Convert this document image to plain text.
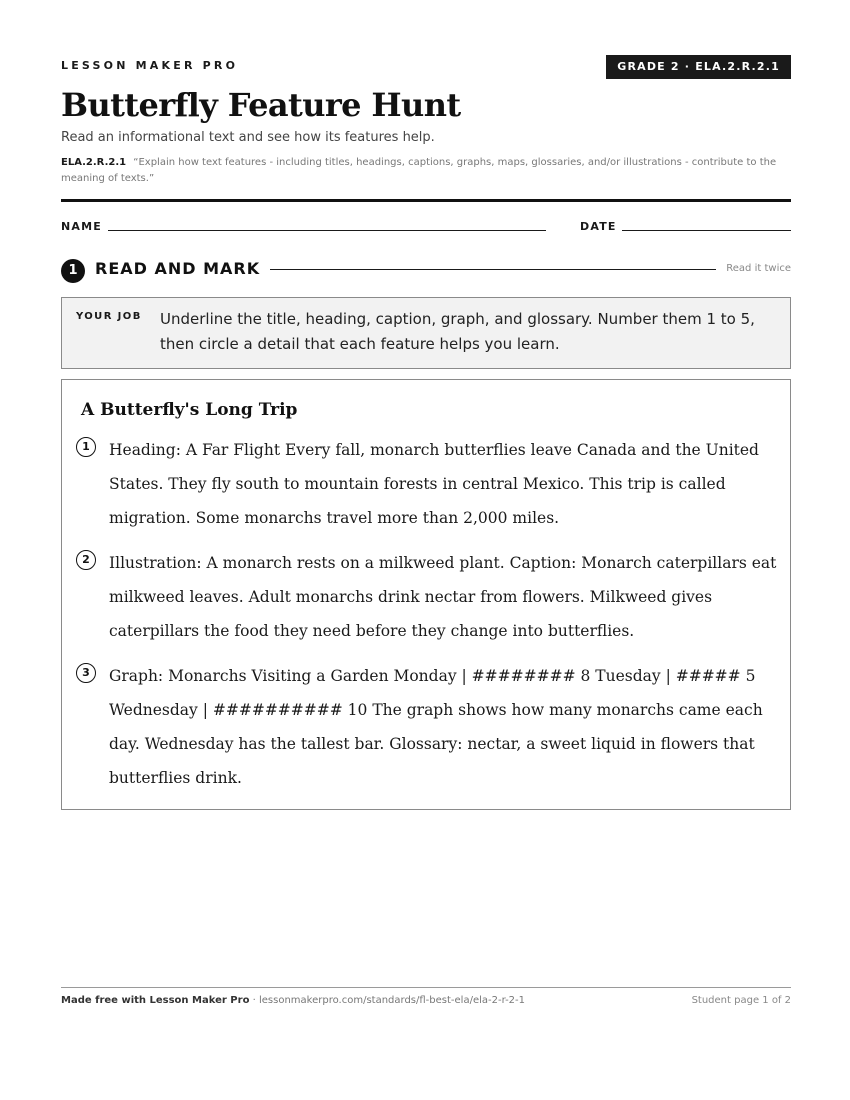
LESSON MAKER PRO	GRADE 2 · ELA.2.R.2.1
Butterfly Feature Hunt
Read an informational text and see how its features help.
ELA.2.R.2.1 “Explain how text features - including titles, headings, captions, graphs, maps, glossaries, and/or illustrations - contribute to the meaning of texts.”
NAME	DATE
1	READ AND MARK	Read it twice
YOUR JOB Underline the title, heading, caption, graph, and glossary. Number them 1 to 5, then circle a detail that each feature helps you learn.
A Butterfly's Long Trip
1	Heading: A Far Flight Every fall, monarch butterflies leave Canada and the United States. They fly south to mountain forests in central Mexico. This trip is called migration. Some monarchs travel more than 2,000 miles.
2	Illustration: A monarch rests on a milkweed plant. Caption: Monarch caterpillars eat milkweed leaves. Adult monarchs drink nectar from flowers. Milkweed gives caterpillars the food they need before they change into butterflies.
3	Graph: Monarchs Visiting a Garden Monday | ######## 8 Tuesday | ##### 5 Wednesday | ########## 10 The graph shows how many monarchs came each day. Wednesday has the tallest bar. Glossary: nectar, a sweet liquid in flowers that butterflies drink.
Made free with Lesson Maker Pro · lessonmakerpro.com/standards/fl-best-ela/ela-2-r-2-1	Student page 1 of 2
